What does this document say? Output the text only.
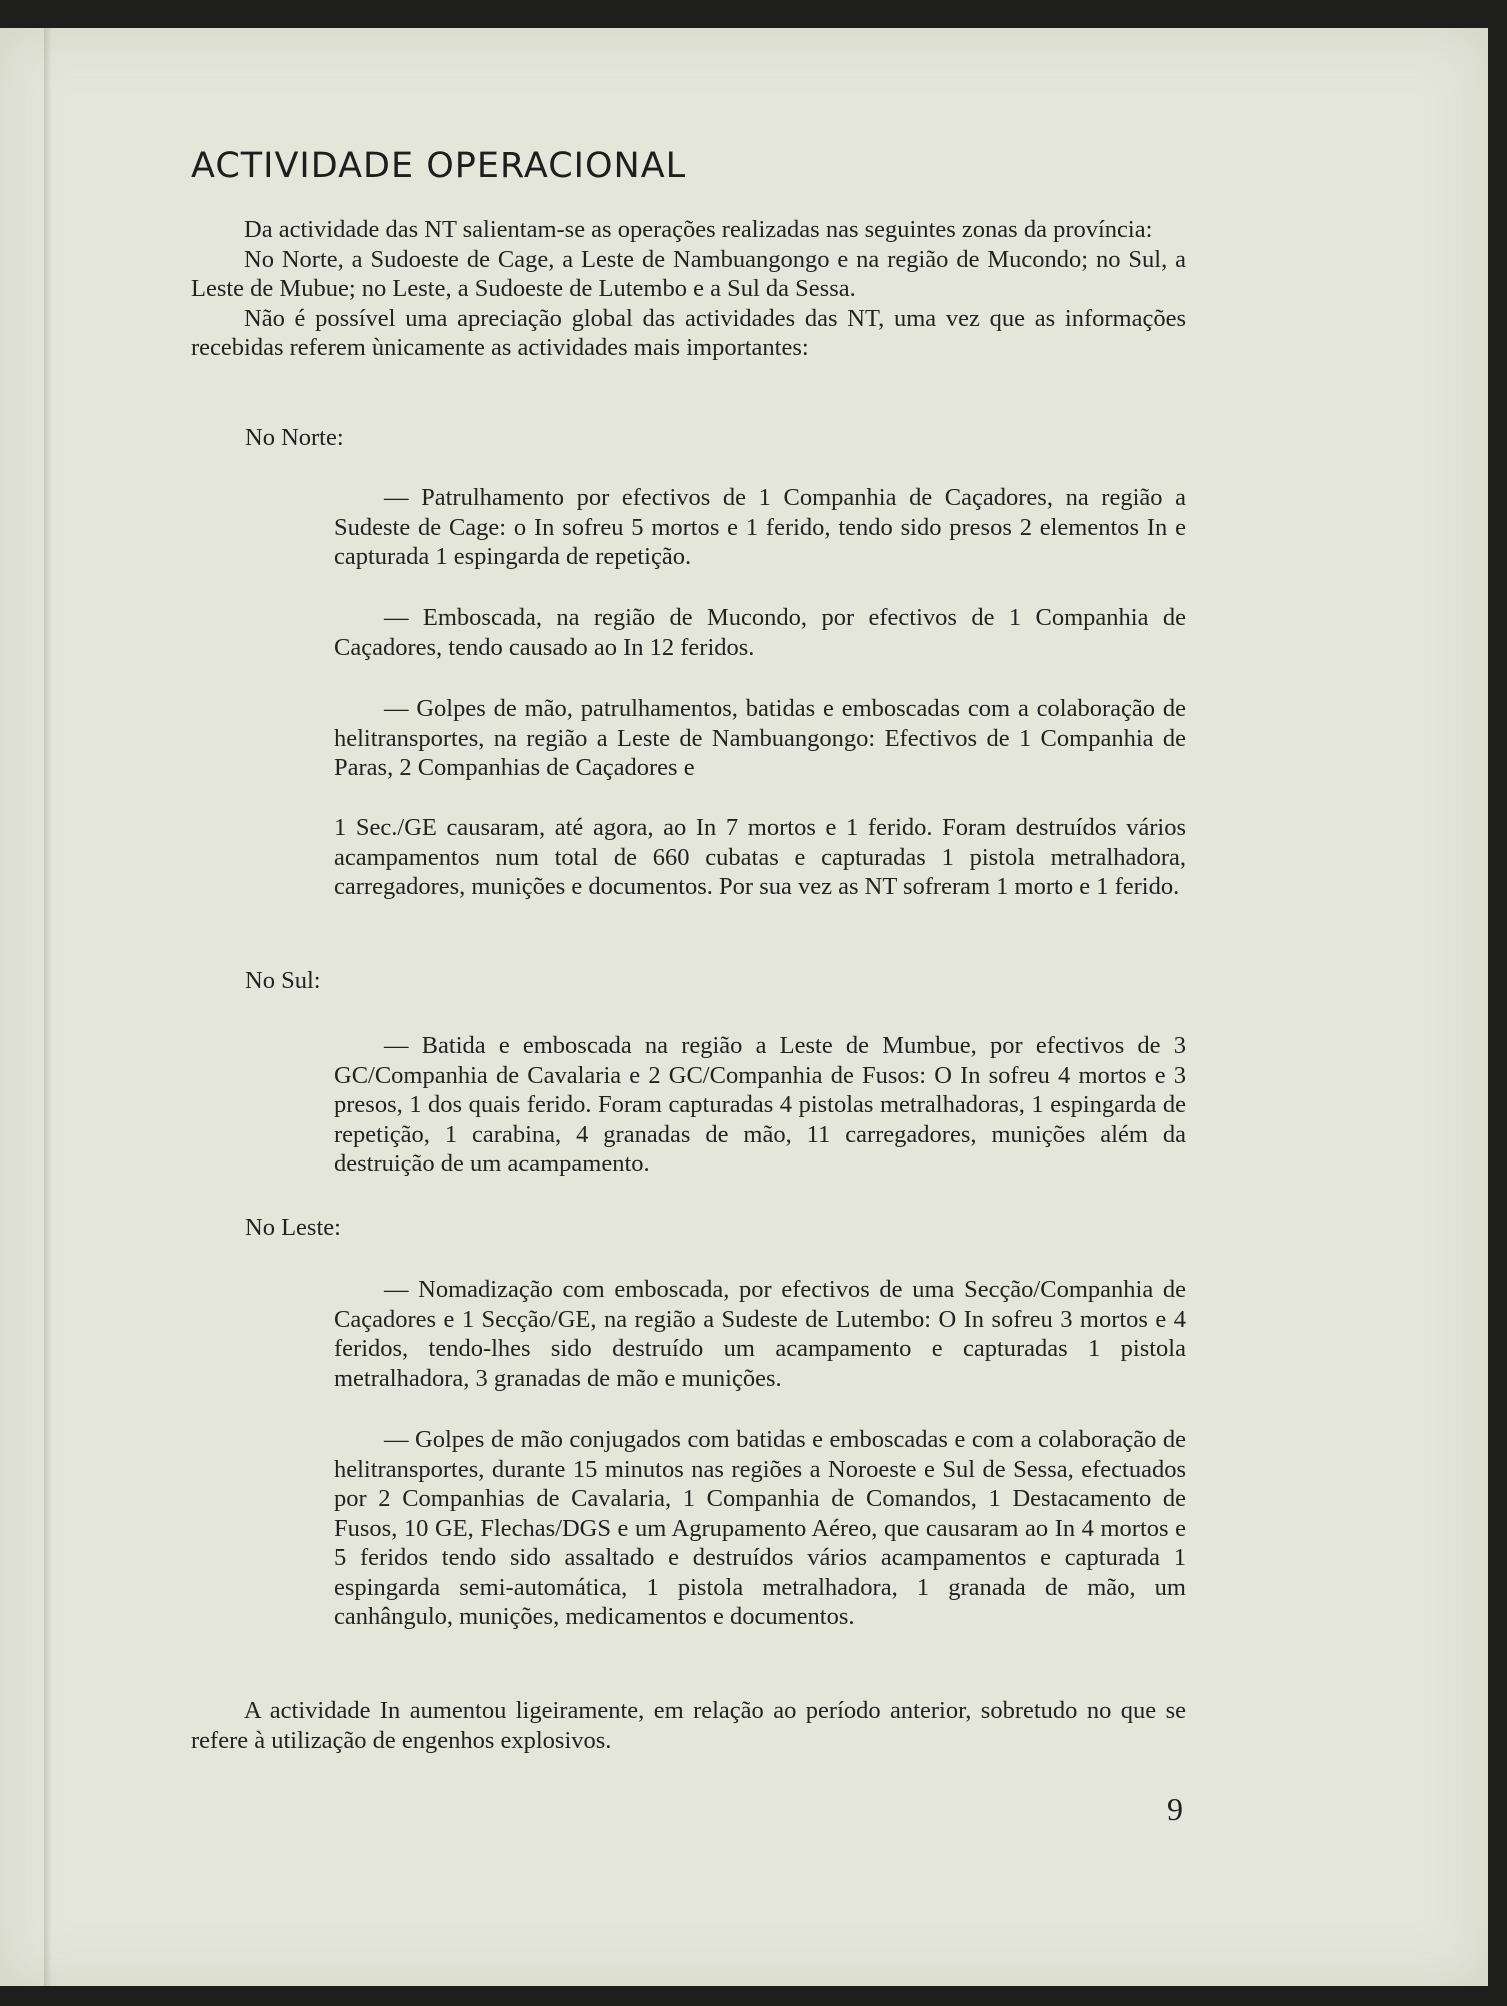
ACTIVIDADE OPERACIONAL

Da actividade das NT salientam-se as operações realizadas nas seguintes zonas da província:

No Norte, a Sudoeste de Cage, a Leste de Nambuangongo e na região de Mucondo; no Sul, a Leste de Mubue; no Leste, a Sudoeste de Lutembo e a Sul da Sessa.

Não é possível uma apreciação global das actividades das NT, uma vez que as informações recebidas referem ùnicamente as actividades mais importantes:

No Norte:

— Patrulhamento por efectivos de 1 Companhia de Caçadores, na região a Sudeste de Cage: o In sofreu 5 mortos e 1 ferido, tendo sido presos 2 elementos In e capturada 1 espingarda de repetição.

— Emboscada, na região de Mucondo, por efectivos de 1 Companhia de Caçadores, tendo causado ao In 12 feridos.

— Golpes de mão, patrulhamentos, batidas e emboscadas com a colaboração de helitransportes, na região a Leste de Nambuangongo: Efectivos de 1 Companhia de Paras, 2 Companhias de Caçadores e

1 Sec./GE causaram, até agora, ao In 7 mortos e 1 ferido. Foram destruídos vários acampamentos num total de 660 cubatas e capturadas 1 pistola metralhadora, carregadores, munições e documentos. Por sua vez as NT sofreram 1 morto e 1 ferido.

No Sul:

— Batida e emboscada na região a Leste de Mumbue, por efectivos de 3 GC/Companhia de Cavalaria e 2 GC/Companhia de Fusos: O In sofreu 4 mortos e 3 presos, 1 dos quais ferido. Foram capturadas 4 pistolas metralhadoras, 1 espingarda de repetição, 1 carabina, 4 granadas de mão, 11 carregadores, munições além da destruição de um acampamento.

No Leste:

— Nomadização com emboscada, por efectivos de uma Secção/Companhia de Caçadores e 1 Secção/GE, na região a Sudeste de Lutembo: O In sofreu 3 mortos e 4 feridos, tendo-lhes sido destruído um acampamento e capturadas 1 pistola metralhadora, 3 granadas de mão e munições.

— Golpes de mão conjugados com batidas e emboscadas e com a colaboração de helitransportes, durante 15 minutos nas regiões a Noroeste e Sul de Sessa, efectuados por 2 Companhias de Cavalaria, 1 Companhia de Comandos, 1 Destacamento de Fusos, 10 GE, Flechas/DGS e um Agrupamento Aéreo, que causaram ao In 4 mortos e 5 feridos tendo sido assaltado e destruídos vários acampamentos e capturada 1 espingarda semi-automática, 1 pistola metralhadora, 1 granada de mão, um canhângulo, munições, medicamentos e documentos.

A actividade In aumentou ligeiramente, em relação ao período anterior, sobretudo no que se refere à utilização de engenhos explosivos.

9
